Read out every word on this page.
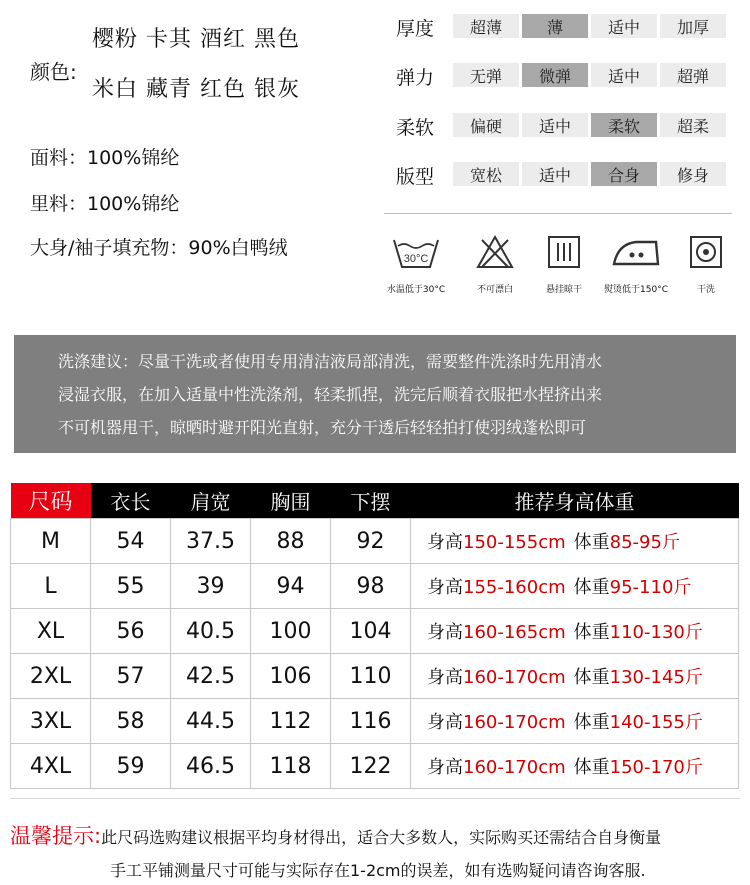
颜色:
樱粉 卡其 酒红 黑色
米白 藏青 红色 银灰
面料：100%锦纶
里料：100%锦纶
大身/袖子填充物：90%白鸭绒
厚度	超薄	薄	适中	加厚
弹力	无弹	微弹	适中	超弹
柔软	偏硬	适中	柔软	超柔
版型	宽松	适中	合身	修身
30°C
水温低于30°C	不可漂白	悬挂晾干	熨烫低于150°C	干洗
洗涤建议：尽量干洗或者使用专用清洁液局部清洗，需要整件洗涤时先用清水
浸湿衣服，在加入适量中性洗涤剂，轻柔抓捏，洗完后顺着衣服把水捏挤出来
不可机器甩干，晾晒时避开阳光直射，充分干透后轻轻拍打使羽绒蓬松即可
尺码	衣长	肩宽	胸围	下摆	推荐身高体重
M	54	37.5	88	92	身高150-155cm 体重85-95斤
L	55	39	94	98	身高155-160cm 体重95-110斤
XL	56	40.5	100	104	身高160-165cm 体重110-130斤
2XL	57	42.5	106	110	身高160-170cm 体重130-145斤
3XL	58	44.5	112	116	身高160-170cm 体重140-155斤
4XL	59	46.5	118	122	身高160-170cm 体重150-170斤
温馨提示:此尺码选购建议根据平均身材得出，适合大多数人，实际购买还需结合自身衡量
手工平铺测量尺寸可能与实际存在1-2cm的误差，如有选购疑问请咨询客服.
